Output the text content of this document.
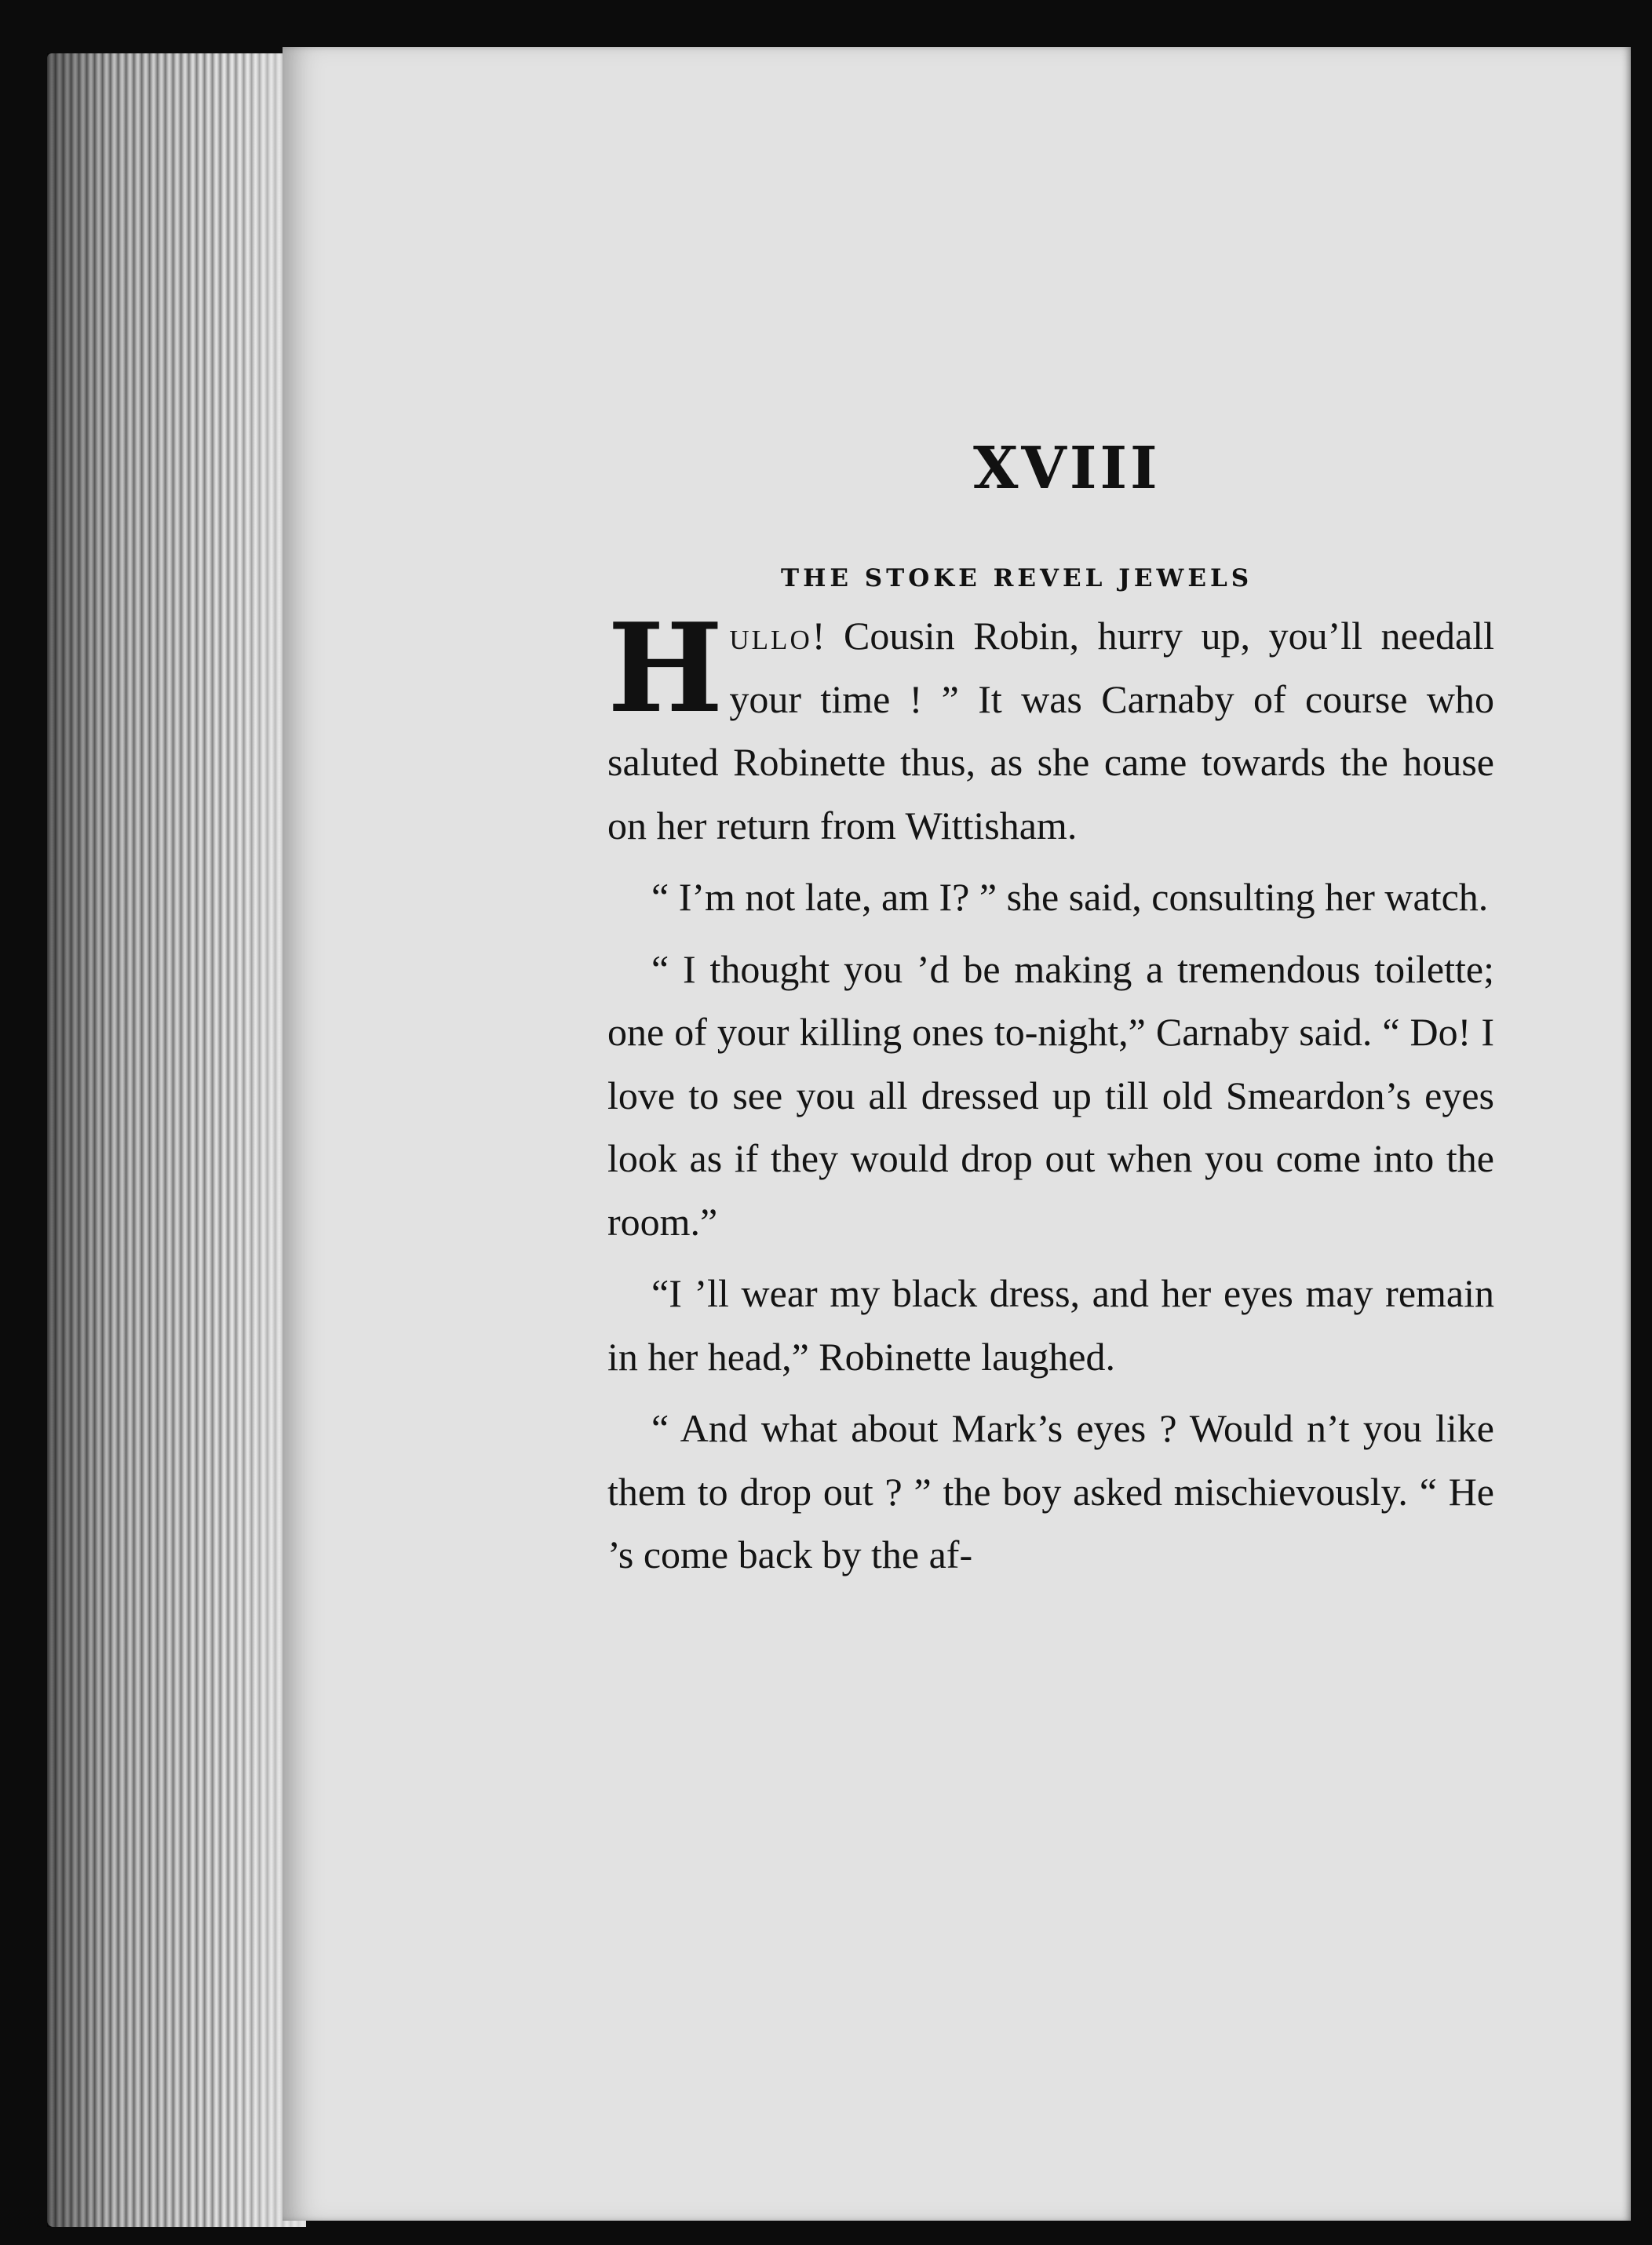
XVIII
THE STOKE REVEL JEWELS

Hullo! Cousin Robin, hurry up, you’ll needall your time ! ” It was Carnaby of course who saluted Robinette thus, as she came towards the house on her return from Wittisham.

“ I’m not late, am I? ” she said, consulting her watch.

“ I thought you ’d be making a tremendous toilette; one of your killing ones to-night,” Carnaby said. “ Do! I love to see you all dressed up till old Smeardon’s eyes look as if they would drop out when you come into the room.”

“I ’ll wear my black dress, and her eyes may remain in her head,” Robinette laughed.

“ And what about Mark’s eyes ? Would n’t you like them to drop out ? ” the boy asked mischievously. “ He ’s come back by the af-
